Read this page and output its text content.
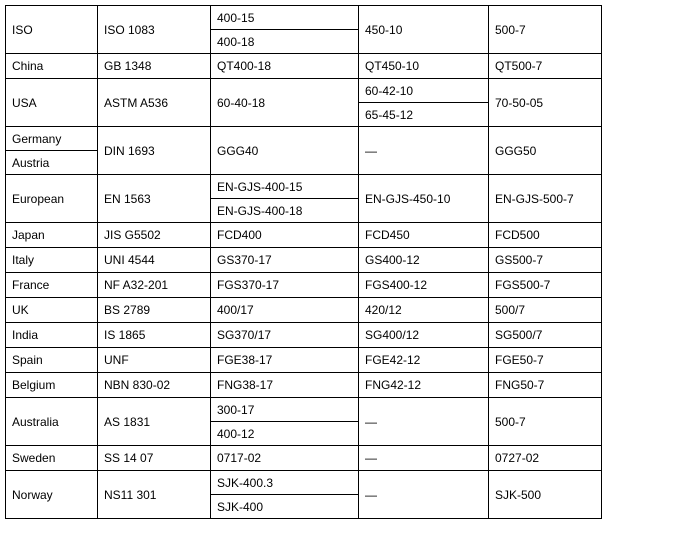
ISO	ISO 1083	400-15	450-10	500-7
		400-18		
China	GB 1348	QT400-18	QT450-10	QT500-7
USA	ASTM A536	60-40-18	60-42-10	70-50-05
			65-45-12	
Germany	DIN 1693	GGG40	—	GGG50
Austria				
European	EN 1563	EN-GJS-400-15	EN-GJS-450-10	EN-GJS-500-7
		EN-GJS-400-18		
Japan	JIS G5502	FCD400	FCD450	FCD500
Italy	UNI 4544	GS370-17	GS400-12	GS500-7
France	NF A32-201	FGS370-17	FGS400-12	FGS500-7
UK	BS 2789	400/17	420/12	500/7
India	IS 1865	SG370/17	SG400/12	SG500/7
Spain	UNF	FGE38-17	FGE42-12	FGE50-7
Belgium	NBN 830-02	FNG38-17	FNG42-12	FNG50-7
Australia	AS 1831	300-17	—	500-7
		400-12		
Sweden	SS 14 07	0717-02	—	0727-02
Norway	NS11 301	SJK-400.3	—	SJK-500
		SJK-400		
